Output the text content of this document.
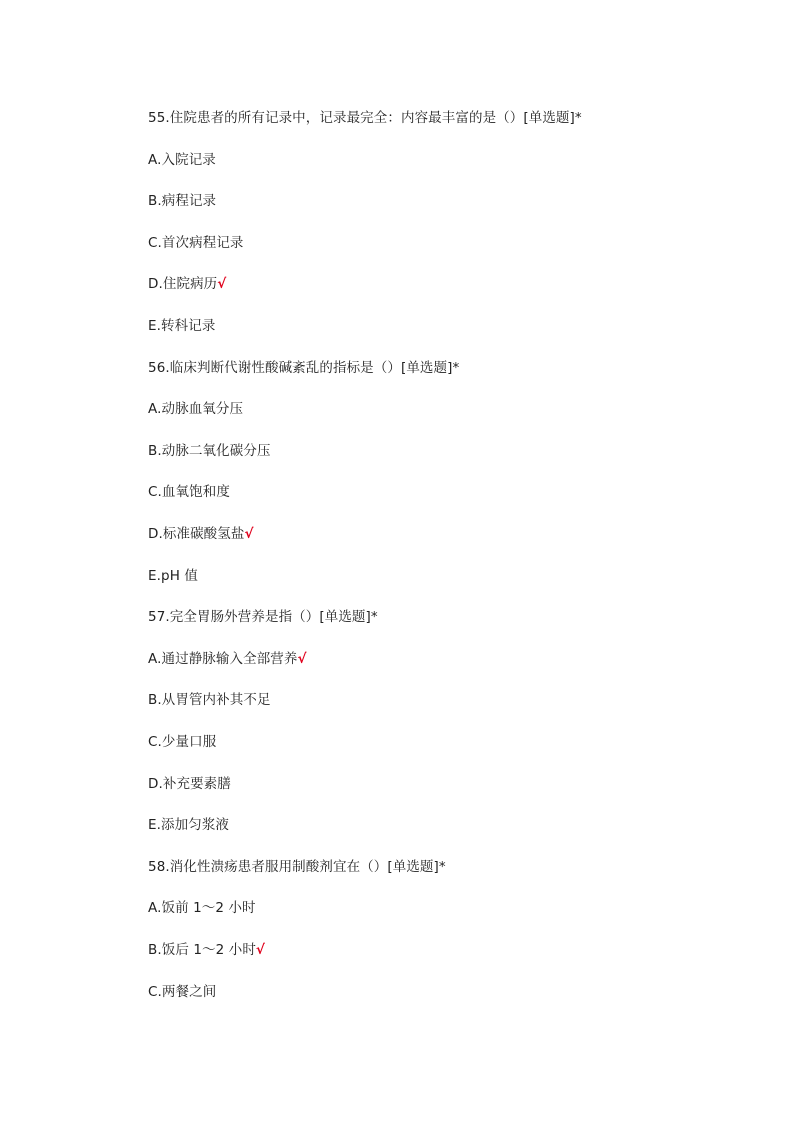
55.住院患者的所有记录中，记录最完全：内容最丰富的是（）[单选题]*
A.入院记录
B.病程记录
C.首次病程记录
D.住院病历√
E.转科记录
56.临床判断代谢性酸碱紊乱的指标是（）[单选题]*
A.动脉血氧分压
B.动脉二氧化碳分压
C.血氧饱和度
D.标准碳酸氢盐√
E.pH 值
57.完全胃肠外营养是指（）[单选题]*
A.通过静脉输入全部营养√
B.从胃管内补其不足
C.少量口服
D.补充要素膳
E.添加匀浆液
58.消化性溃疡患者服用制酸剂宜在（）[单选题]*
A.饭前 1～2 小时
B.饭后 1～2 小时√
C.两餐之间
